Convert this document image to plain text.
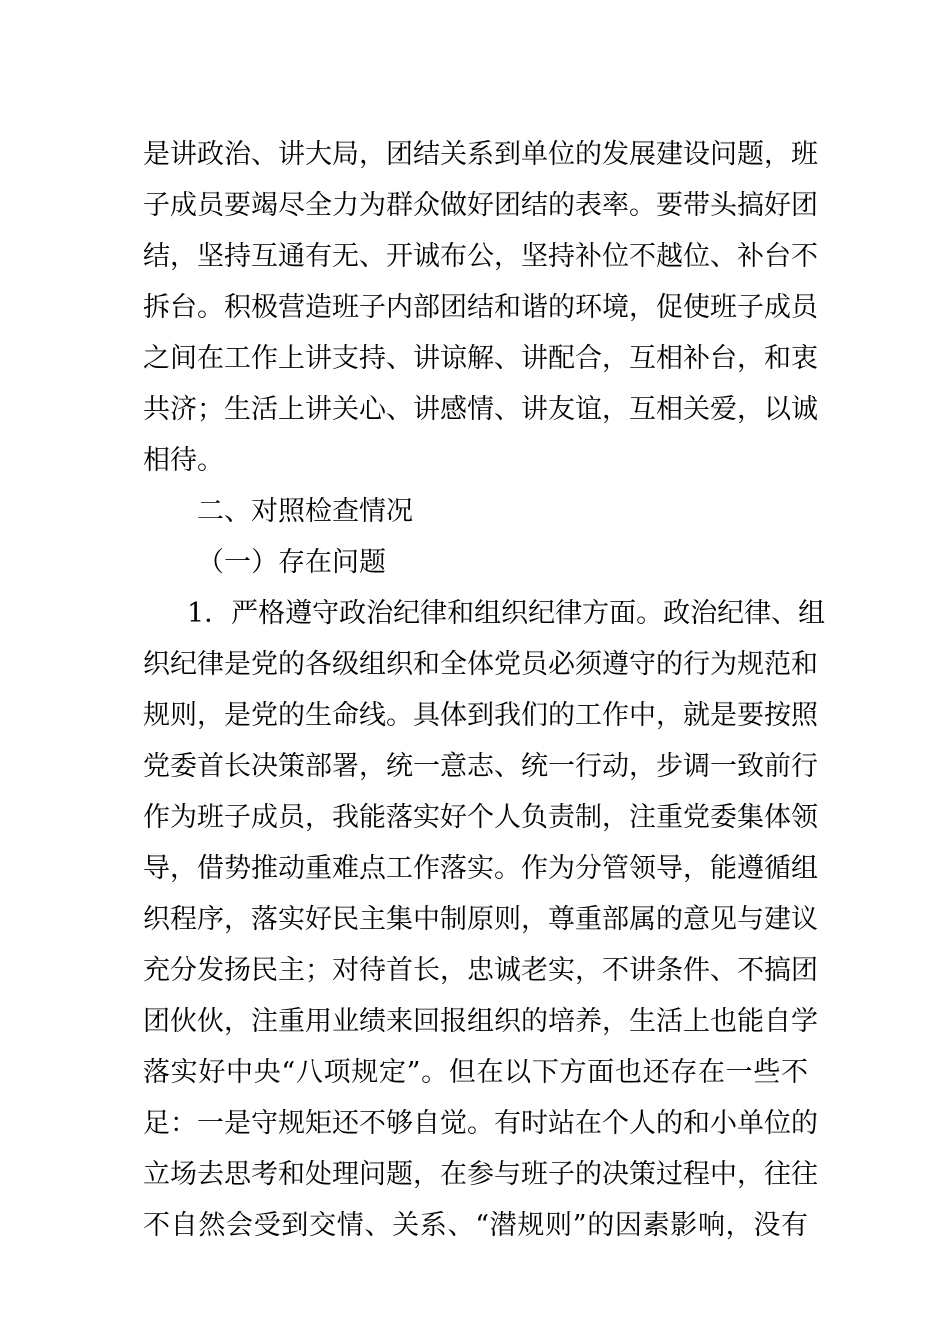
是讲政治、讲大局，团结关系到单位的发展建设问题，班
子成员要竭尽全力为群众做好团结的表率。要带头搞好团
结，坚持互通有无、开诚布公，坚持补位不越位、补台不
拆台。积极营造班子内部团结和谐的环境，促使班子成员
之间在工作上讲支持、讲谅解、讲配合，互相补台，和衷
共济；生活上讲关心、讲感情、讲友谊，互相关爱，以诚
相待。
二、对照检查情况
（一）存在问题
1．严格遵守政治纪律和组织纪律方面。政治纪律、组
织纪律是党的各级组织和全体党员必须遵守的行为规范和
规则，是党的生命线。具体到我们的工作中，就是要按照
党委首长决策部署，统一意志、统一行动，步调一致前行
作为班子成员，我能落实好个人负责制，注重党委集体领
导，借势推动重难点工作落实。作为分管领导，能遵循组
织程序，落实好民主集中制原则，尊重部属的意见与建议
充分发扬民主；对待首长，忠诚老实，不讲条件、不搞团
团伙伙，注重用业绩来回报组织的培养，生活上也能自学
落实好中央“八项规定”。但在以下方面也还存在一些不
足：一是守规矩还不够自觉。有时站在个人的和小单位的
立场去思考和处理问题，在参与班子的决策过程中，往往
不自然会受到交情、关系、“潜规则”的因素影响，没有
